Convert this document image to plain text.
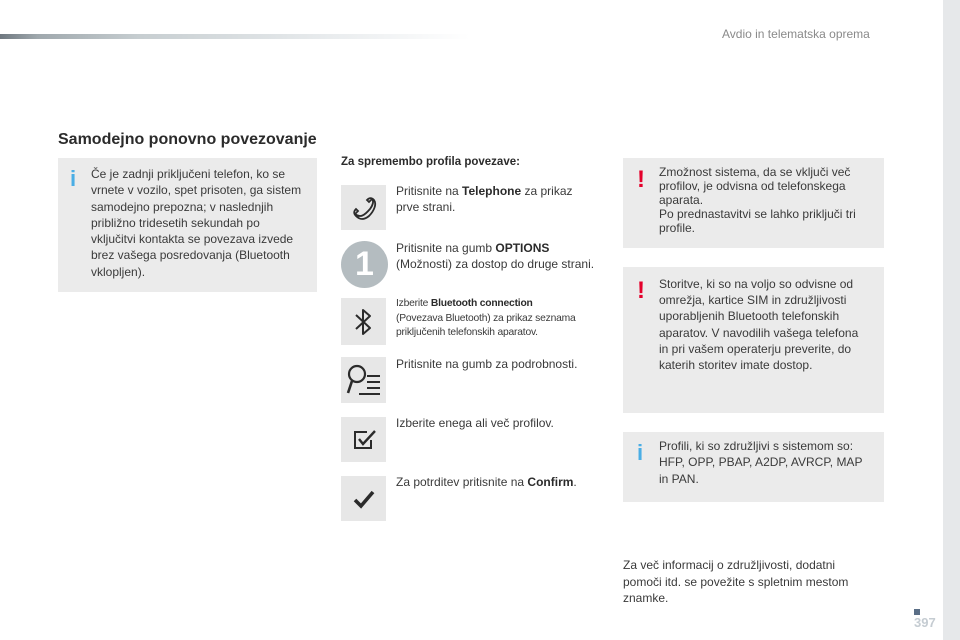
Avdio in telematska oprema
Samodejno ponovno povezovanje
i Če je zadnji priključeni telefon, ko se
vrnete v vozilo, spet prisoten, ga sistem
samodejno prepozna; v naslednjih
približno tridesetih sekundah po
vključitvi kontakta se povezava izvede
brez vašega posredovanja (Bluetooth
vklopljen).
Za spremembo profila povezave:
Pritisnite na Telephone za prikaz
prve strani.
1	Pritisnite na gumb OPTIONS
(Možnosti) za dostop do druge strani.
Izberite Bluetooth connection
(Povezava Bluetooth) za prikaz seznama
priključenih telefonskih aparatov.
Pritisnite na gumb za podrobnosti.
Izberite enega ali več profilov.
Za potrditev pritisnite na Confirm.
! Zmožnost sistema, da se vključi več
profilov, je odvisna od telefonskega
aparata.
Po prednastavitvi se lahko priključi tri
profile.
! Storitve, ki so na voljo so odvisne od
omrežja, kartice SIM in združljivosti
uporabljenih Bluetooth telefonskih
aparatov. V navodilih vašega telefona
in pri vašem operaterju preverite, do
katerih storitev imate dostop.
i Profili, ki so združljivi s sistemom so:
HFP, OPP, PBAP, A2DP, AVRCP, MAP
in PAN.
Za več informacij o združljivosti, dodatni
pomoči itd. se povežite s spletnim mestom
znamke.
397
